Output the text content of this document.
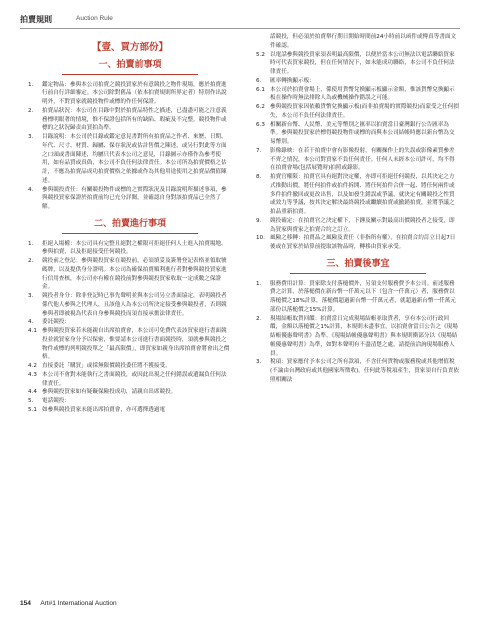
拍賣規則	Auction Rule
【壹、買方部份】
一、拍賣前事項
1. 鑑定物品：參與本公司拍賣之競投買家於有意競投之物件現場，應於拍賣進行前自行詳細審定。本公司除對舊品（依本拍賣規則所界定者）特別作出說明外，不對買家就競投物件或標的作任何保證。
2. 拍賣品狀況：本公司在目錄中對於拍賣品特性之描述，已盡盡可能之注意義務標明眼著的情境，惟不保證包括所有的缺陷、瑕疵及不完整。競投物件或標的之狀況歸责由買拍為準。
3. 目錄說明：本公司於目錄或鑑定意見書對所有拍賣品之作者、來歷、日期、年代、尺寸、材質、歸屬、保存狀況或估計售價之陳述，或另行對此等方面之口頭或書面陳述，均屬只代表本公司之意見，目錄圖示亦僅作為參考使用，如有品質或真偽，本公司不負任何法律責任。本公司所為拍賣價格之估計，不應為拍賣品成功拍賣價格之依據或作為其他用途使用之拍賣品價值陳述。
4. 參與競投責任：有關競投物件或標的之實際狀況及目錄說明所描述事項，參與競投買家保證於拍賣前均已充分詳閱，並確認自身對該拍賣品已全然了解。
二、拍賣進行事項
1. 拒絕入場權：本公司具有完整且絕對之權限可拒絕任何人士進入拍賣場地、參與拍賣，以及拒絕接受任何競投。
2. 競投前之登記：參與競投買家在競投前，必須填妥及簽署登記表格並領取號碼牌，以及提供身分證明。本公司為確保拍賣順利進行者對參與競投買家進行信用查核，本公司亦有權在競投前對參與競投買家收取一定成數之保證金。
3. 競投者身分：除非登記時已事先聲明並與本公司另立書面協定，表明競投者係代他人參與之代理人，且該他人為本公司所決定接受參與競投者，否則競參與者即被視為代表自身參與競投而須直接承擔法律責任。
4. 委託競投：
4.1 參與競投買家若未能親自出席拍賣會，本公司可免費代表該買家進行書面競投並就買家身分予以保密，惟要請本公司進行書面競投時，須就參與競投之物件或標的列明競投單之「最高限價」，即買家如親身出席拍賣會將會出之價格。
4.2 直接委託「購買」或採無限價競投委任將不獲接受。
4.3 本公司不會對未能執行之書面競投，或因此出現之任何錯誤或遺漏負任何法律責任。
4.4 參與競投買家如有疑礙保險投成功，請親自出席競投。
5. 電話競投：
5.1 如參與競投買家未能出席拍賣會，亦可選擇透過電
話競投，但必須於拍賣舉行期日開始時間前24小時前以函件或傳真等書面文件確認。
5.2 以電話參與競投買家須表明最高限價，以便於當本公司無法以電話聯絡買家時可代表買家競投，但在任何情況下，如未能成功聯絡，本公司不負任何法律責任。
6. 匯率轉換顯示板：
6.1 本公司於拍賣會場上，係使用貨幣兌換顯示板顯示金額，惟該貨幣兌換顯示板在操作時無法排除人為或機械操作錯誤之可能。
6.2 參與競投買家因依賴貨幣兌換顯示板(而非拍賣場的實際競投)而蒙受之任何損失，本公司不負任何法律責任。
6.3 相關新台幣、人民幣、美元等幣別之匯率以拍賣當日臺灣銀行公告匯率為準。參與競投買家於標得競投物件或標的而與本公司結帳時應以新台幣為交易幣別。
7. 影像錄映：在若干拍賣中會有影像投射，有關操作上的失誤或影像素質參差不齊之情況，本公司對買家不負任何責任。任何人未經本公司許可，均不得在拍賣會場(包括展覽時)拍照或錄影。
8. 拍賣官權限：拍賣官具有絕對決定權，亦即可拒絕任何競投，以其決定之方式推動出價，將任何拍件或拍件拆開、將任何拍件合併一起、將任何兩件或多件拍件撤回或更改出售，以及如發生錯誤或爭議，就決定有關競投之性質或效力等爭議，按其決定解決最終競投或繼續拍賣或撤銷拍賣，並將爭議之拍品重新拍賣。
9. 競投確定：在拍賣官之決定權下，下錘及關示對最高出價競投者之接受，即為買家與賣家之拍賣合約之訂立。
10. 風險之移轉：拍賣品之風險及責任（非指所有權），在拍賣合約訂立日起7日後或在買家於結算前提取該物品時，轉移由買家承受。
三、拍賣後事宜
1. 服務費用計算：買家除支付落槌價外，另須支付服務費予本公司。前述服務費之計算，於落槌價在新台幣一仟萬元以下（包含一仟萬元）者，服務費以落槌價之18%計算，落槌價超過新台幣一仟萬元者，就超過新台幣一仟萬元部份以落槌價之15%計算。
2. 現場結帳取貨回饋：拍賣當日完成現場結帳並取貨者，享有本公司行政回饋，金額以落槌價之1%計算，本規則未盡事宜，以拍賣會當日公告之《現場結帳優惠聲明書》為準。《現場結帳優惠聲明書》與本規則衝部分以《現場結帳優惠聲明書》為準，如對本聲明有不盡清楚之處，請提前洽詢現場服務人員。
3. 稅項：買家應付予本公司之所有款項，不含任何貨物或服務稅或其他增值稅(不論由台灣政府或其他國家所徵收)。任何此等稅項產生，買家須自行負責依照相關法
154 Art#1 International Auction
